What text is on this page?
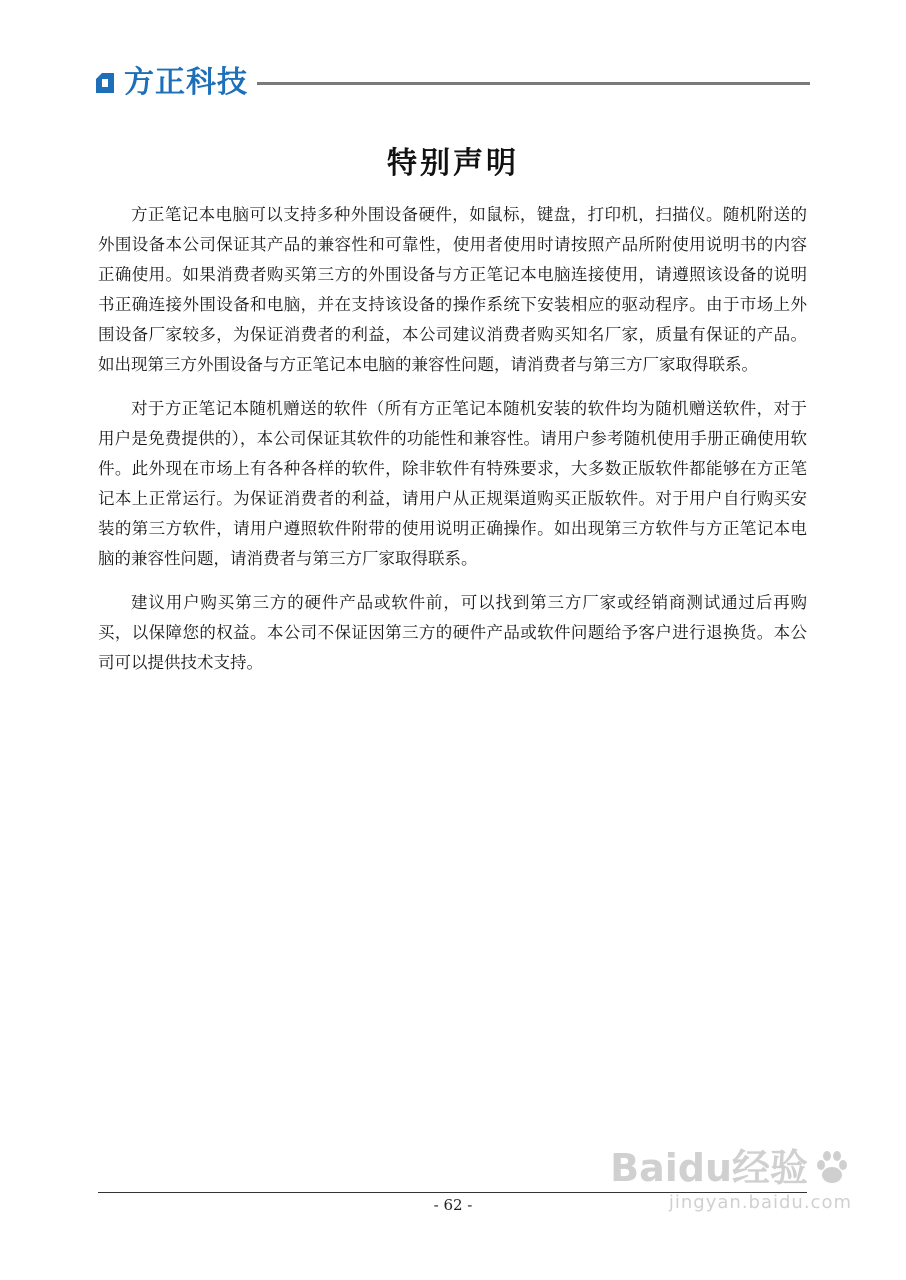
方正科技
特别声明

方正笔记本电脑可以支持多种外围设备硬件，如鼠标，键盘，打印机，扫描仪。随机附送的外围设备本公司保证其产品的兼容性和可靠性，使用者使用时请按照产品所附使用说明书的内容正确使用。如果消费者购买第三方的外围设备与方正笔记本电脑连接使用，请遵照该设备的说明书正确连接外围设备和电脑，并在支持该设备的操作系统下安装相应的驱动程序。由于市场上外围设备厂家较多，为保证消费者的利益，本公司建议消费者购买知名厂家，质量有保证的产品。如出现第三方外围设备与方正笔记本电脑的兼容性问题，请消费者与第三方厂家取得联系。

对于方正笔记本随机赠送的软件（所有方正笔记本随机安装的软件均为随机赠送软件，对于用户是免费提供的），本公司保证其软件的功能性和兼容性。请用户参考随机使用手册正确使用软件。此外现在市场上有各种各样的软件，除非软件有特殊要求，大多数正版软件都能够在方正笔记本上正常运行。为保证消费者的利益，请用户从正规渠道购买正版软件。对于用户自行购买安装的第三方软件，请用户遵照软件附带的使用说明正确操作。如出现第三方软件与方正笔记本电脑的兼容性问题，请消费者与第三方厂家取得联系。

建议用户购买第三方的硬件产品或软件前，可以找到第三方厂家或经销商测试通过后再购买，以保障您的权益。本公司不保证因第三方的硬件产品或软件问题给予客户进行退换货。本公司可以提供技术支持。

- 62 -
Baidu经验
jingyan.baidu.com
